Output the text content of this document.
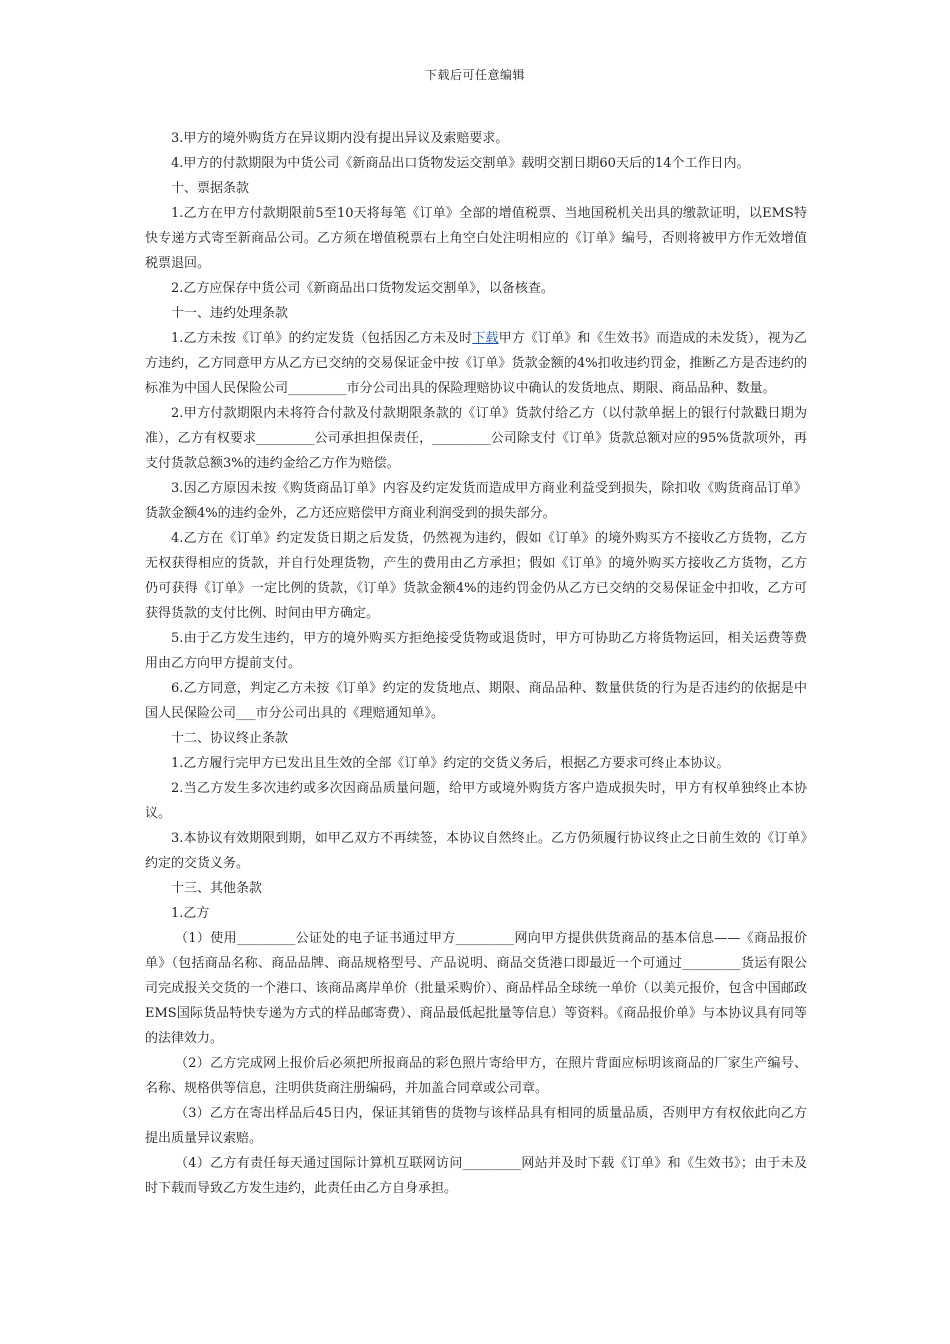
下载后可任意编辑

3.甲方的境外购货方在异议期内没有提出异议及索赔要求。

4.甲方的付款期限为中货公司《新商品出口货物发运交割单》载明交割日期60天后的14个工作日内。

十、票据条款

1.乙方在甲方付款期限前5至10天将每笔《订单》全部的增值税票、当地国税机关出具的缴款证明，以EMS特快专递方式寄至新商品公司。乙方须在增值税票右上角空白处注明相应的《订单》编号，否则将被甲方作无效增值税票退回。

2.乙方应保存中货公司《新商品出口货物发运交割单》，以备核查。

十一、违约处理条款

1.乙方未按《订单》的约定发货（包括因乙方未及时下载甲方《订单》和《生效书》而造成的未发货），视为乙方违约，乙方同意甲方从乙方已交纳的交易保证金中按《订单》货款金额的4%扣收违约罚金，推断乙方是否违约的标准为中国人民保险公司_________市分公司出具的保险理赔协议中确认的发货地点、期限、商品品种、数量。

2.甲方付款期限内未将符合付款及付款期限条款的《订单》货款付给乙方（以付款单据上的银行付款戳日期为准），乙方有权要求_________公司承担担保责任，_________公司除支付《订单》货款总额对应的95%货款项外，再支付货款总额3%的违约金给乙方作为赔偿。

3.因乙方原因未按《购货商品订单》内容及约定发货而造成甲方商业利益受到损失，除扣收《购货商品订单》货款金额4%的违约金外，乙方还应赔偿甲方商业利润受到的损失部分。

4.乙方在《订单》约定发货日期之后发货，仍然视为违约，假如《订单》的境外购买方不接收乙方货物，乙方无权获得相应的货款，并自行处理货物，产生的费用由乙方承担；假如《订单》的境外购买方接收乙方货物，乙方仍可获得《订单》一定比例的货款，《订单》货款金额4%的违约罚金仍从乙方已交纳的交易保证金中扣收，乙方可获得货款的支付比例、时间由甲方确定。

5.由于乙方发生违约，甲方的境外购买方拒绝接受货物或退货时，甲方可协助乙方将货物运回，相关运费等费用由乙方向甲方提前支付。

6.乙方同意，判定乙方未按《订单》约定的发货地点、期限、商品品种、数量供货的行为是否违约的依据是中国人民保险公司___市分公司出具的《理赔通知单》。

十二、协议终止条款

1.乙方履行完甲方已发出且生效的全部《订单》约定的交货义务后，根据乙方要求可终止本协议。

2.当乙方发生多次违约或多次因商品质量问题，给甲方或境外购货方客户造成损失时，甲方有权单独终止本协议。

3.本协议有效期限到期，如甲乙双方不再续签，本协议自然终止。乙方仍须履行协议终止之日前生效的《订单》约定的交货义务。

十三、其他条款

1.乙方

（1）使用_________公证处的电子证书通过甲方_________网向甲方提供供货商品的基本信息——《商品报价单》（包括商品名称、商品品牌、商品规格型号、产品说明、商品交货港口即最近一个可通过_________货运有限公司完成报关交货的一个港口、该商品离岸单价（批量采购价）、商品样品全球统一单价（以美元报价，包含中国邮政EMS国际货品特快专递为方式的样品邮寄费）、商品最低起批量等信息）等资料。《商品报价单》与本协议具有同等的法律效力。

（2）乙方完成网上报价后必须把所报商品的彩色照片寄给甲方，在照片背面应标明该商品的厂家生产编号、名称、规格供等信息，注明供货商注册编码，并加盖合同章或公司章。

（3）乙方在寄出样品后45日内，保证其销售的货物与该样品具有相同的质量品质，否则甲方有权依此向乙方提出质量异议索赔。

（4）乙方有责任每天通过国际计算机互联网访问_________网站并及时下载《订单》和《生效书》；由于未及时下载而导致乙方发生违约，此责任由乙方自身承担。
